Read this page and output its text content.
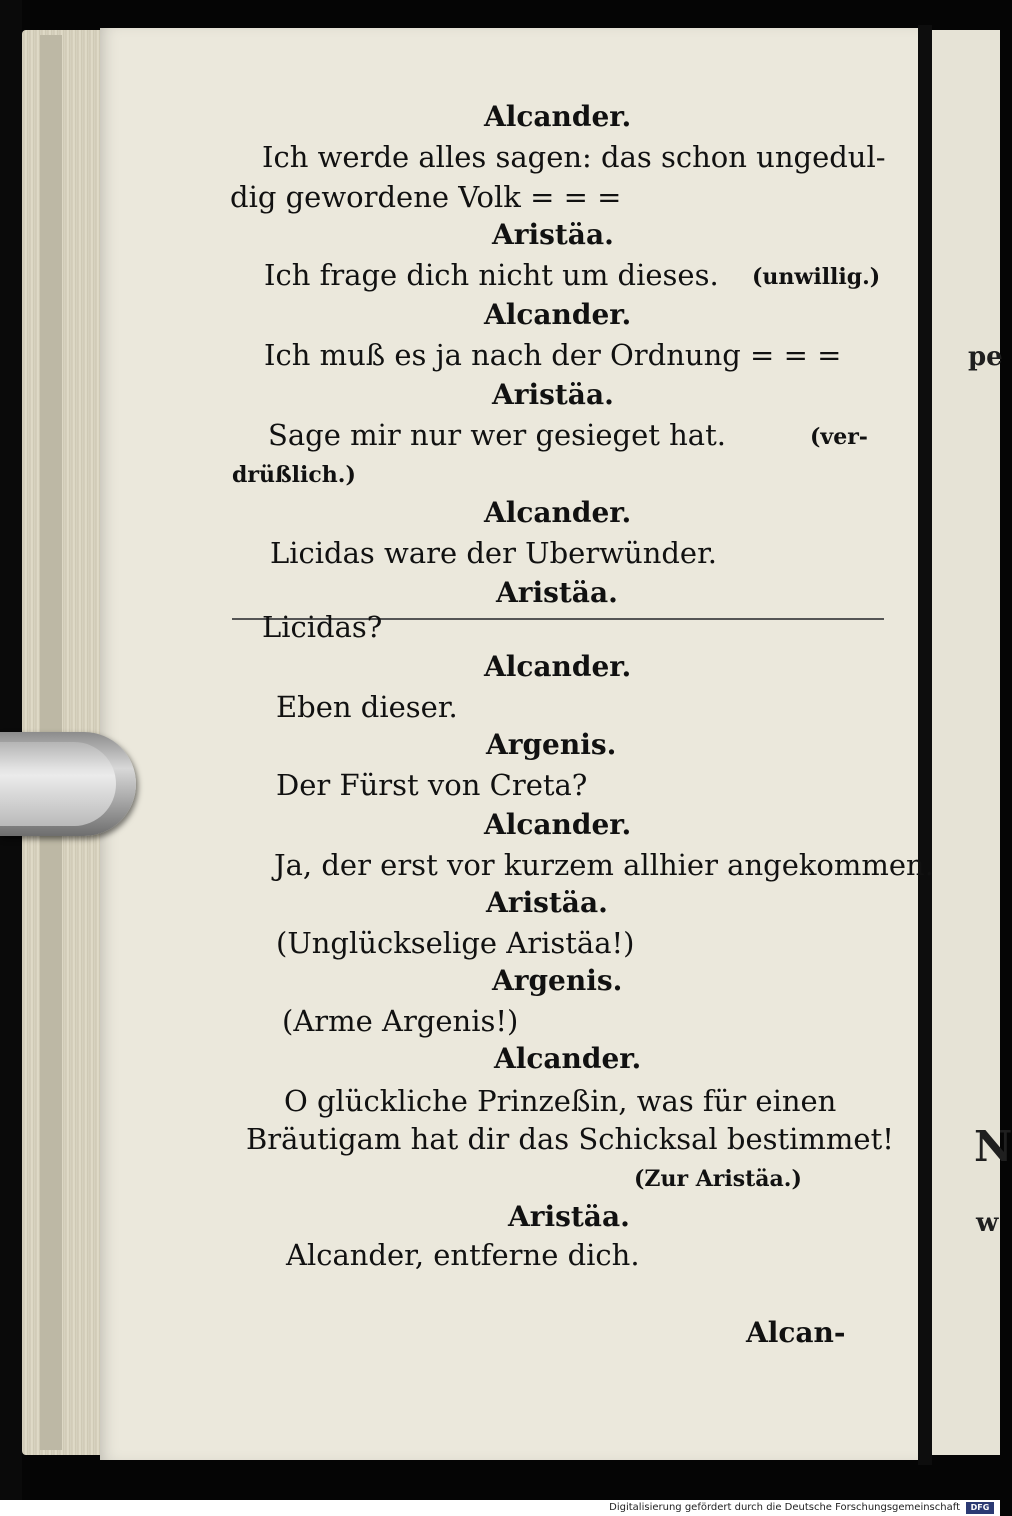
pe
N
w
Alcander.
Ich werde alles sagen: das schon ungedul-
dig gewordene Volk = = =
Aristäa.
Ich frage dich nicht um dieses. (unwillig.)
Alcander.
Ich muß es ja nach der Ordnung = = =
Aristäa.
Sage mir nur wer gesieget hat.	(ver-
drüßlich.)
Alcander.
Licidas ware der Uberwünder.
Aristäa.
Licidas?
Alcander.
Eben dieser.
Argenis.
Der Fürst von Creta?
Alcander.
Ja, der erst vor kurzem allhier angekommen.
Aristäa.
(Unglückselige Aristäa!)
Argenis.
(Arme Argenis!)
Alcander.
O glückliche Prinzeßin, was für einen
Bräutigam hat dir das Schicksal bestimmet!
(Zur Aristäa.)
Aristäa.
Alcander, entferne dich.
Alcan-
Digitalisierung gefördert durch die Deutsche Forschungsgemeinschaft	DFG
